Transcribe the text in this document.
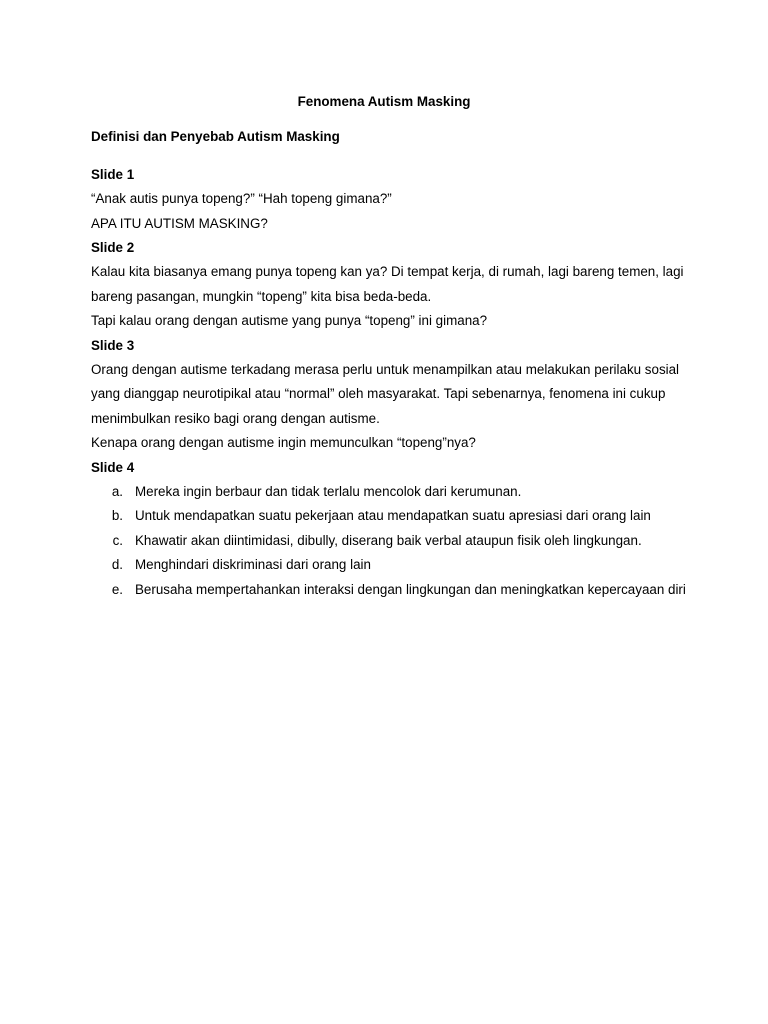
Fenomena Autism Masking
Definisi dan Penyebab Autism Masking
Slide 1

“Anak autis punya topeng?” “Hah topeng gimana?”

APA ITU AUTISM MASKING?

Slide 2

Kalau kita biasanya emang punya topeng kan ya? Di tempat kerja, di rumah, lagi bareng temen, lagi bareng pasangan, mungkin “topeng” kita bisa beda-beda.

Tapi kalau orang dengan autisme yang punya “topeng” ini gimana?

Slide 3

Orang dengan autisme terkadang merasa perlu untuk menampilkan atau melakukan perilaku sosial yang dianggap neurotipikal atau “normal” oleh masyarakat. Tapi sebenarnya, fenomena ini cukup menimbulkan resiko bagi orang dengan autisme.

Kenapa orang dengan autisme ingin memunculkan “topeng”nya?

Slide 4
a. Mereka ingin berbaur dan tidak terlalu mencolok dari kerumunan.
b. Untuk mendapatkan suatu pekerjaan atau mendapatkan suatu apresiasi dari orang lain
c. Khawatir akan diintimidasi, dibully, diserang baik verbal ataupun fisik oleh lingkungan.
d. Menghindari diskriminasi dari orang lain
e. Berusaha mempertahankan interaksi dengan lingkungan dan meningkatkan kepercayaan diri
